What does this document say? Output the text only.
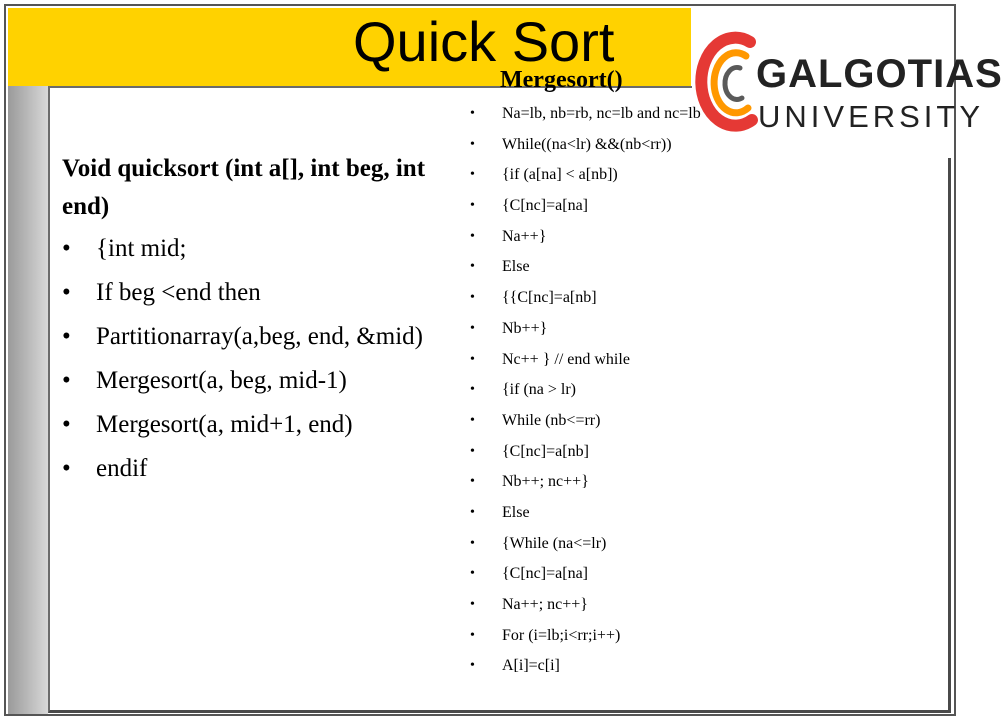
Quick Sort
GALGOTIAS
UNIVERSITY
Void quicksort (int a[], int beg, int end)
• {int mid;
• If beg <end then
• Partitionarray(a,beg, end, &mid)
• Mergesort(a, beg, mid-1)
• Mergesort(a, mid+1, end)
• endif
Mergesort()
• Na=lb, nb=rb, nc=lb and nc=lb
• While((na<lr) &&(nb<rr))
• {if (a[na] < a[nb])
• {C[nc]=a[na]
• Na++}
• Else
• {{C[nc]=a[nb]
• Nb++}
• Nc++ } // end while
• {if (na > lr)
• While (nb<=rr)
• {C[nc]=a[nb]
• Nb++; nc++}
• Else
• {While (na<=lr)
• {C[nc]=a[na]
• Na++; nc++}
• For (i=lb;i<rr;i++)
• A[i]=c[i]
